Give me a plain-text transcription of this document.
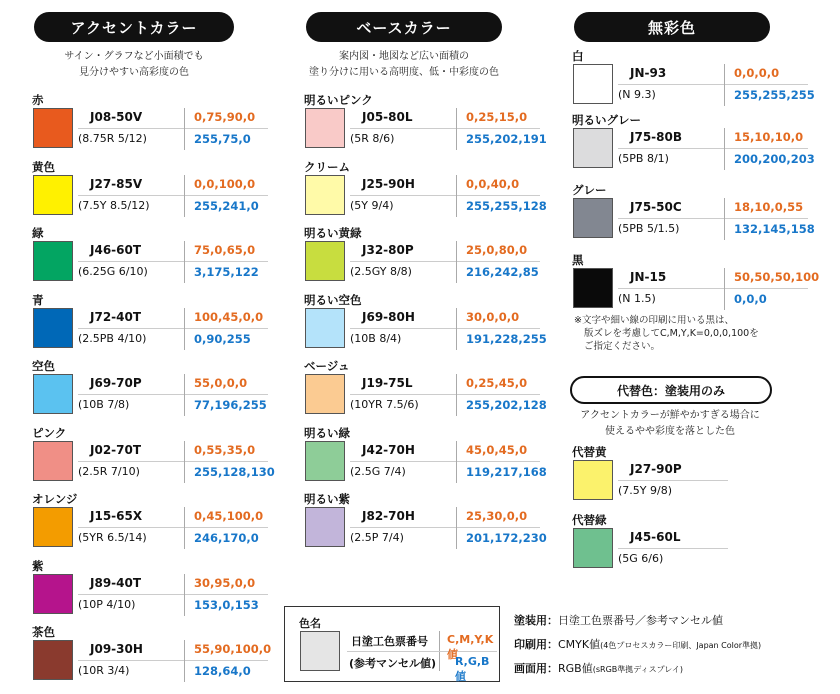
アクセントカラー	ベースカラー	無彩色
サイン・グラフなど小面積でも
見分けやすい高彩度の色
案内図・地図など広い面積の
塗り分けに用いる高明度、低・中彩度の色
赤
J08-50V
(8.75R 5/12)
0,75,90,0
255,75,0
黄色
J27-85V
(7.5Y 8.5/12)
0,0,100,0
255,241,0
緑
J46-60T
(6.25G 6/10)
75,0,65,0
3,175,122
青
J72-40T
(2.5PB 4/10)
100,45,0,0
0,90,255
空色
J69-70P
(10B 7/8)
55,0,0,0
77,196,255
ピンク
J02-70T
(2.5R 7/10)
0,55,35,0
255,128,130
オレンジ
J15-65X
(5YR 6.5/14)
0,45,100,0
246,170,0
紫
J89-40T
(10P 4/10)
30,95,0,0
153,0,153
茶色
J09-30H
(10R 3/4)
55,90,100,0
128,64,0
明るいピンク
J05-80L
(5R 8/6)
0,25,15,0
255,202,191
クリーム
J25-90H
(5Y 9/4)
0,0,40,0
255,255,128
明るい黄緑
J32-80P
(2.5GY 8/8)
25,0,80,0
216,242,85
明るい空色
J69-80H
(10B 8/4)
30,0,0,0
191,228,255
ベージュ
J19-75L
(10YR 7.5/6)
0,25,45,0
255,202,128
明るい緑
J42-70H
(2.5G 7/4)
45,0,45,0
119,217,168
明るい紫
J82-70H
(2.5P 7/4)
25,30,0,0
201,172,230
白
JN-93
(N 9.3)
0,0,0,0
255,255,255
明るいグレー
J75-80B
(5PB 8/1)
15,10,10,0
200,200,203
グレー
J75-50C
(5PB 5/1.5)
18,10,0,55
132,145,158
黒
JN-15
(N 1.5)
50,50,50,100
0,0,0
※文字や細い線の印刷に用いる黒は、
版ズレを考慮してC,M,Y,K=0,0,0,100を
ご指定ください。
代替色：塗装用のみ
アクセントカラーが鮮やかすぎる場合に
使えるやや彩度を落とした色
代替黄
J27-90P
(7.5Y 9/8)
代替緑
J45-60L
(5G 6/6)
色名
日塗工色票番号
(参考マンセル値)
C,M,Y,K値
R,G,B値
塗装用：日塗工色票番号／参考マンセル値
印刷用：CMYK値(4色プロセスカラー印刷、Japan Color準拠)
画面用：RGB値(sRGB準拠ディスプレイ)
